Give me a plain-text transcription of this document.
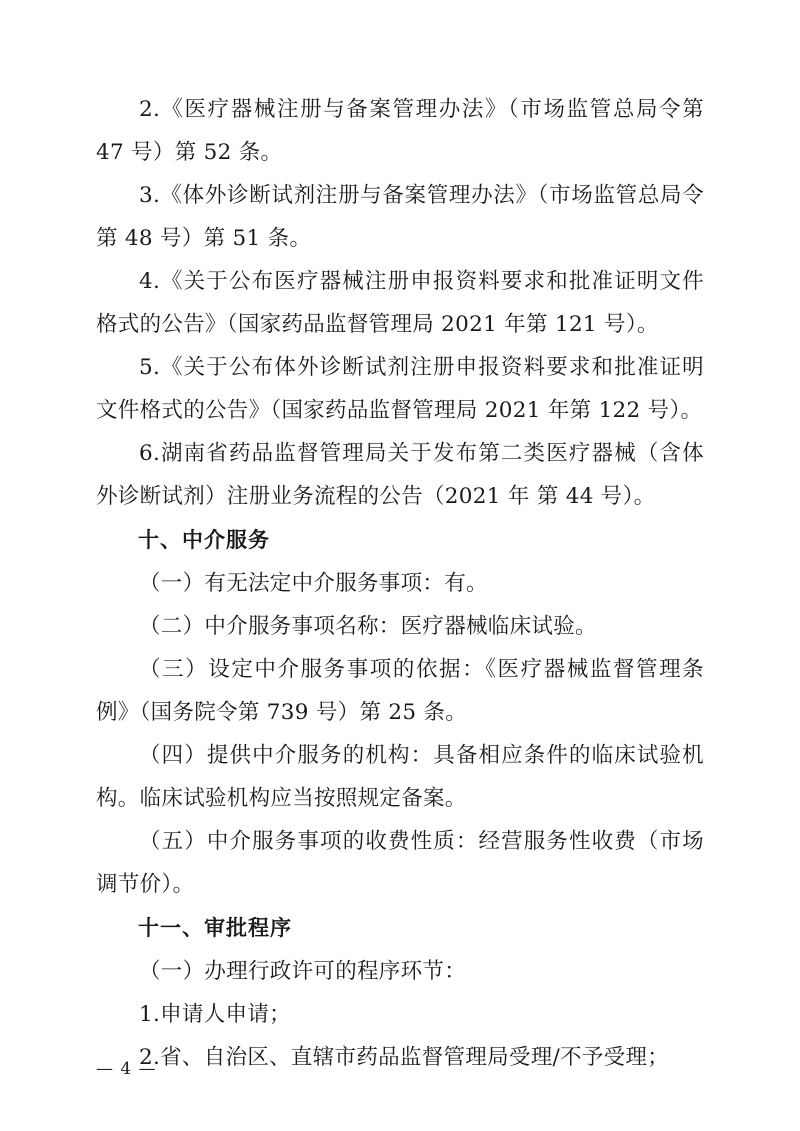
2.《医疗器械注册与备案管理办法》（市场监管总局令第 47 号）第 52 条。

3.《体外诊断试剂注册与备案管理办法》（市场监管总局令第 48 号）第 51 条。

4.《关于公布医疗器械注册申报资料要求和批准证明文件格式的公告》（国家药品监督管理局 2021 年第 121 号）。

5.《关于公布体外诊断试剂注册申报资料要求和批准证明文件格式的公告》（国家药品监督管理局 2021 年第 122 号）。

6.湖南省药品监督管理局关于发布第二类医疗器械（含体外诊断试剂）注册业务流程的公告（2021 年 第 44 号）。

十、中介服务

（一）有无法定中介服务事项：有。

（二）中介服务事项名称：医疗器械临床试验。

（三）设定中介服务事项的依据：《医疗器械监督管理条例》（国务院令第 739 号）第 25 条。

（四）提供中介服务的机构：具备相应条件的临床试验机构。临床试验机构应当按照规定备案。

（五）中介服务事项的收费性质：经营服务性收费（市场调节价）。

十一、审批程序

（一）办理行政许可的程序环节：

1.申请人申请；

2.省、自治区、直辖市药品监督管理局受理/不予受理；

— 4 —
